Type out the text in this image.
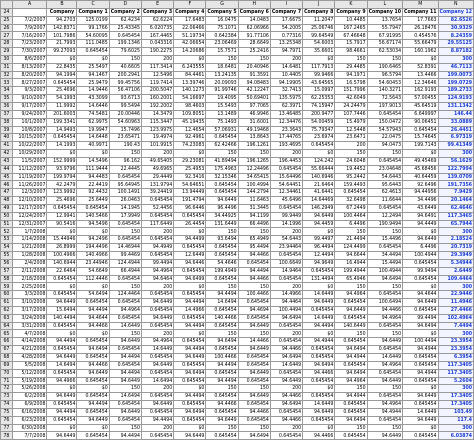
	A	B	C	D	E	F	G	H	I	J	K	L	M	N
24		Company	Company 1	Company 2	Company 3	Company 4	Company 5	Company 6	Company 7	Company 8	Company 9	Company 10	Company 11	Company 12
25	7/2/2007	94.2703	125.0199	62.4234	62.6224	17.6483	16.0475	14.0483	17.6675	11.2047	10.4485	13.7654	17.7663	82.6526
26	7/9/2007	142.8371	99.1766	25.43345	6.020735	22.06466	75.1071	62.06966	54.2005	25.06746	167.2465	55.7947	26.18476	30.9329
27	7/16/2007	101.7986	54.60095	0.645454	167.4465	51.19734	0.642384	91.77106	0.77316	99.64549	67.46648	67.91995	0.454576	8.24359
28	7/23/2007	21.7993	111.0485	199.1346	0.043316	42.06654	23.06469	28.6649	13.25348	54.6003	15.7917	56.67174	55.66479	29.55125
29	7/30/2007	99.27093	0.645454	79.6025	190.2275	14.20686	15.7571	25.2416	94.7971	35.6601	98.4661	62.53034	160.1962	8.87182
30	8/6/2007	$0	$0	150	200	$0	150	150	200	$0	150	150	$0	300
31	8/13/2007	22.8435	25.5497	40.6605	117.3414	6.243555	18.6481	20.40946	14.6481	117.7913	29.4485	190.6465	52.8391	46.7113
32	8/20/2007	94.1994	94.1467	200.2941	12.5496	84.4461	13.24135	91.3591	10.4405	99.9466	94.1971	96.5794	13.4466	199.0073
33	8/27/2007	0.645454	25.9479	99.45756	119.7414	13.39746	20.09093	94.08483	94.19905	43.64565	16.5798	54.60453	12.34646	199.0729
34	9/3/2007	25.4696	14.9446	56.47106	200.5047	140.1273	91.99746	42.12247	32.7413	15.0997	151.7996	140.3271	162.9193	189.2733
35	9/10/2007	54.1993	43.3099	93.6713	160.2001	54.16697	19.4095	50.69401	135.5975	62.25353	42.6049	72.5643	57.00455	124.9193
36	9/17/2007	11.9992	14.6446	99.5494	192.2002	98.4603	15.5493	97.7065	62.3971	74.15947	24.24479	197.9013	45.64519	131.1342
37	9/24/2007	201.6003	74.5481	20.00446	14.3479	109.8051	13.1489	46.9946	13.46485	200.9477	107.7446	0.645454	6.649997	146.44
38	10/1/2007	199.3341	62.9975	54.60963	115.3447	45.19435	75.1493	31.6001	12.34476	54.00459	15.4979	150.0472	90.06451	33.0889
39	10/8/2007	14.9493	19.9947	15.7496	123.9975	12.4654	57.06931	49.19468	23.3643	75.79347	12.5448	54.57943	0.645454	26.4451
40	10/15/2007	0.645454	14.6448	23.65471	19.4974	92.4961	0.645454	13.8643	17.44765	23.6974	23.6471	22.0475	15.74645	6.97319
41	10/22/2007	14.1993	40.9971	190.43	101.9915	74.23083	62.42466	196.1261	193.4695	0.645454	200	94.0473	199.7143	99.41349
42	10/29/2007	$0	$0	150	200	$0	150	150	200	$0	150	150	$0	300
43	11/5/2007	152.9999	14.5496	96.162	49.65405	29.23081	41.89494	196.1265	196.4453	124.242	24.6048	0.645454	49.45469	56.1629
44	11/12/2007	93.9796	111.9444	22.4445	49.6965	25.4953	175.4963	12.24496	0.645454	55.66444	19.4452	23.04648	45.68456	122.7994
45	11/19/2007	199.9794	94.4483	0.645454	29.4449	92.3416	32.15346	34.65415	15.64496	140.6946	95.2442	54.6443	40.64459	139.0709
46	11/26/2007	42.2479	22.4419	95.64945	131.9794	54.64651	0.645454	100.4994	54.64451	21.6464	159.4493	95.6443	92.6496	191.7356
47	12/3/2007	123.9992	92.4432	100.1491	39.24419	13.94449	0.645454	144.2794	12.34461	41.6441	0.645454	62.4613	94.44956	7.9429
48	12/10/2007	25.4696	25.6449	26.0463	0.645454	191.4794	94.6449	11.6463	45.6496	14.64469	32.6498	11.6644	34.4496	20.1464
49	12/17/2007	0.645454	0.645454	14.1945	52.4456	96.6446	96.4496	31.3445	0.645454	146.2949	67.2449	0.645454	43.6449	62.4646
50	12/24/2007	12.9941	140.5466	17.9949	0.645454	0.645454	34.44925	94.1199	99.9449	94.6449	100.4464	12.2494	94.6491	117.3465
51	12/31/2007	90.5416	94.5496	0.645454	117.6449	26.4454	131.6449	66.4496	14.1996	94.4459	6.4496	190.9494	94.4449	65.7944
52	1/7/2008	$0	$0	150	200	$0	150	150	200	$0	150	150	$0	300
53	1/14/2008	15.44946	94.2496	0.645454	0.645454	94.4499	93.6494	65.4949	54.6443	99.4497	21.4494	15.4496	94.6449	2.18524
54	1/21/2008	26.8999	194.4496	14.46944	94.4949	0.645454	0.645454	95.4494	23.94464	96.4494	124.4499	0.645454	6.4496	20.7319
55	1/28/2008	100.4966	140.4966	99.4469	0.645454	12.6449	0.645454	94.4466	0.645454	12.4494	94.6644	34.4494	100.4944	29.3949
56	2/4/2008	140.6944	23.44946	124.4944	99.4494	94.6446	54.4646	0.645454	100.6649	94.9649	16.4944	15.4494	0.645454	5.34944
57	2/11/2008	22.6464	54.6649	66.4944	94.4964	0.645454	199.4949	94.4494	14.9464	0.645454	199.4944	100.4944	99.9494	2.6449
58	2/18/2008	0.645454	112.4446	0.645454	94.6464	94.6499	0.645454	94.4466	0.645454	131.4494	65.4946	94.6494	0.645454	109.4464
59	2/25/2008	$0	$0	150	200	$0	150	150	200	$0	150	150	$0	300
60	3/3/2008	0.645454	54.6494	124.4464	0.645454	0.645454	94.4494	100.4466	14.4966	14.6449	94.4964	0.645454	94.4644	22.9446
61	3/10/2008	94.6449	0.645454	0.645454	94.6449	94.4494	14.6494	0.645454	94.4464	94.6449	0.645454	100.6494	94.6449	11.4946
62	3/17/2008	15.6494	94.4494	94.4964	0.645454	14.4966	0.645454	94.4694	100.4494	0.645454	94.6449	94.4466	0.645454	27.4466
63	3/24/2008	140.4494	94.4644	0.645454	94.6449	0.645454	140.4466	0.645454	94.6494	14.6449	0.645454	94.4964	99.4494	102.4964
64	3/31/2008	0.645454	94.4466	14.6449	0.645454	94.4494	0.645454	94.6449	0.645454	94.4494	140.6449	0.645454	94.6494	7.4494
65	4/7/2008	$0	$0	150	200	$0	150	150	200	$0	150	150	$0	300
66	4/14/2008	94.4494	0.645454	94.6449	94.4964	0.645454	94.6494	14.4466	0.645454	94.4944	0.645454	94.6449	100.4494	23.3954
67	4/21/2008	0.645454	94.6494	0.645454	14.6449	94.4494	0.645454	94.6449	94.4466	0.645454	94.6494	0.645454	94.4944	23.3954
68	4/28/2008	94.6449	0.645454	94.4494	0.645454	94.6449	100.4466	0.645454	94.6494	0.645454	94.4944	14.6449	0.645454	6.3954
69	5/5/2008	14.6494	94.4466	0.645454	94.6449	0.645454	94.4494	0.645454	14.6449	94.6494	0.645454	94.4964	0.645454	117.3405
70	5/12/2008	0.645454	94.6449	94.4494	0.645454	94.6494	0.645454	94.6449	0.645454	94.4466	94.6494	0.645454	94.4944	117.3405
71	5/19/2008	94.4966	0.645454	94.6449	14.6494	0.645454	94.4494	0.645454	94.6449	0.645454	94.4964	94.6449	0.645454	5.2604
72	5/26/2008	$0	$0	150	200	$0	150	150	200	$0	150	150	$0	300
73	6/2/2008	94.6449	0.645454	14.6494	0.645454	94.4494	0.645454	94.6449	94.4466	0.645454	94.4944	0.645454	94.6449	17.3405
74	6/9/2008	0.645454	94.4494	0.645454	94.6449	0.645454	94.4466	0.645454	94.6494	14.6449	0.645454	94.4964	0.645454	17.3405
75	6/16/2008	94.4494	0.645454	94.6449	0.645454	94.6494	0.645454	94.4466	0.645454	94.6449	0.645454	94.4944	14.6449	103.49
76	6/23/2008	0.645454	94.6449	0.645454	94.4494	0.645454	94.6449	0.645454	94.4466	0.645454	94.6494	0.645454	94.6449	117.4
77	6/30/2008	$0	$0	150	200	$0	150	150	200	$0	150	150	$0	300
78	7/7/2008	94.6449	0.645454	94.4494	0.645454	94.6449	0.645454	94.6494	0.645454	94.4466	0.645454	94.6449	0.645454	6.03874
